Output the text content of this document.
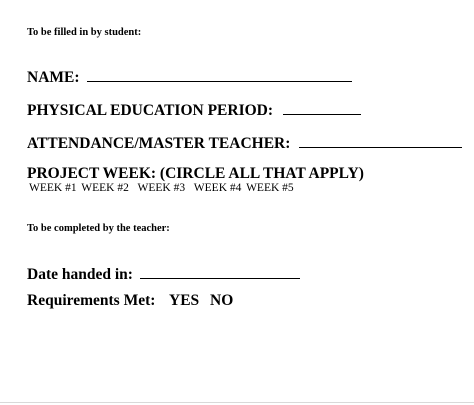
To be filled in by student:
NAME:
PHYSICAL EDUCATION PERIOD:
ATTENDANCE/MASTER TEACHER:
PROJECT WEEK: (CIRCLE ALL THAT APPLY)
WEEK #1 WEEK #2 WEEK #3 WEEK #4 WEEK #5
To be completed by the teacher:
Date handed in:
Requirements Met: YES NO
